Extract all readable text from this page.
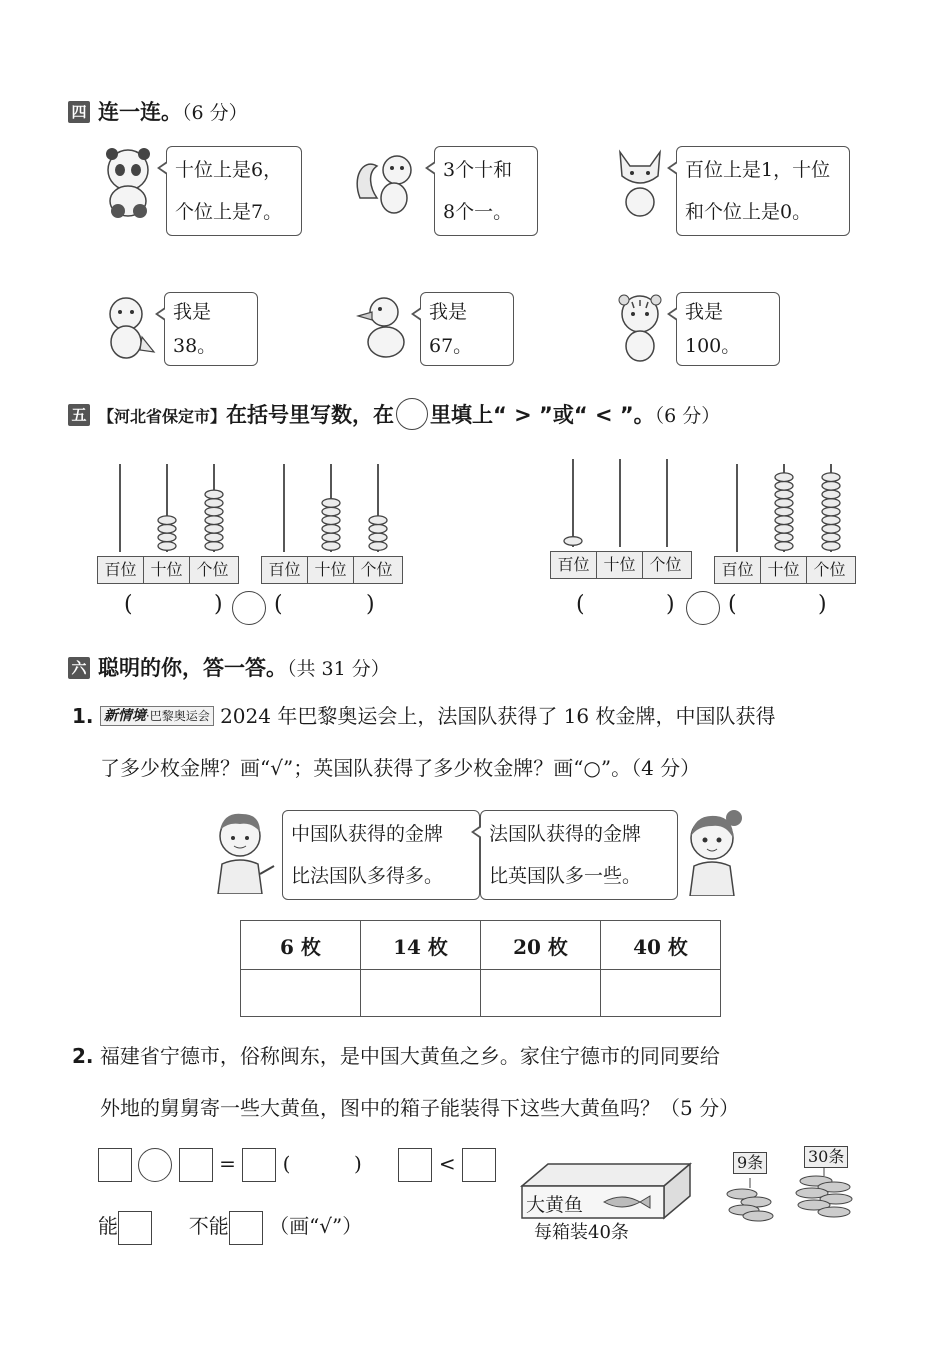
四 连一连。（6 分）
十位上是6，
个位上是7。
3个十和
8个一。
百位上是1，十位
和个位上是0。
我是38。
我是67。
我是100。
五 【河北省保定市】在括号里写数，在 里填上“ > ”或“ < ”。（6 分）
百位 十位 个位	百位 十位 个位	百位 十位 个位	百位 十位 个位
(	) (	)	(	) (	)
六 聪明的你，答一答。（共 31 分）
1. 新情境·巴黎奥运会 2024 年巴黎奥运会上，法国队获得了 16 枚金牌，中国队获得
了多少枚金牌？画“√”；英国队获得了多少枚金牌？画“○”。（4 分）
中国队获得的金牌
比法国队多得多。
法国队获得的金牌
比英国队多一些。
6 枚	14 枚	20 枚	40 枚

2. 福建省宁德市，俗称闽东，是中国大黄鱼之乡。家住宁德市的同同要给
外地的舅舅寄一些大黄鱼，图中的箱子能装得下这些大黄鱼吗？（5 分）
= (          )	<
能	不能 （画“√”）
大黄鱼
每箱装40条
9条	30条
